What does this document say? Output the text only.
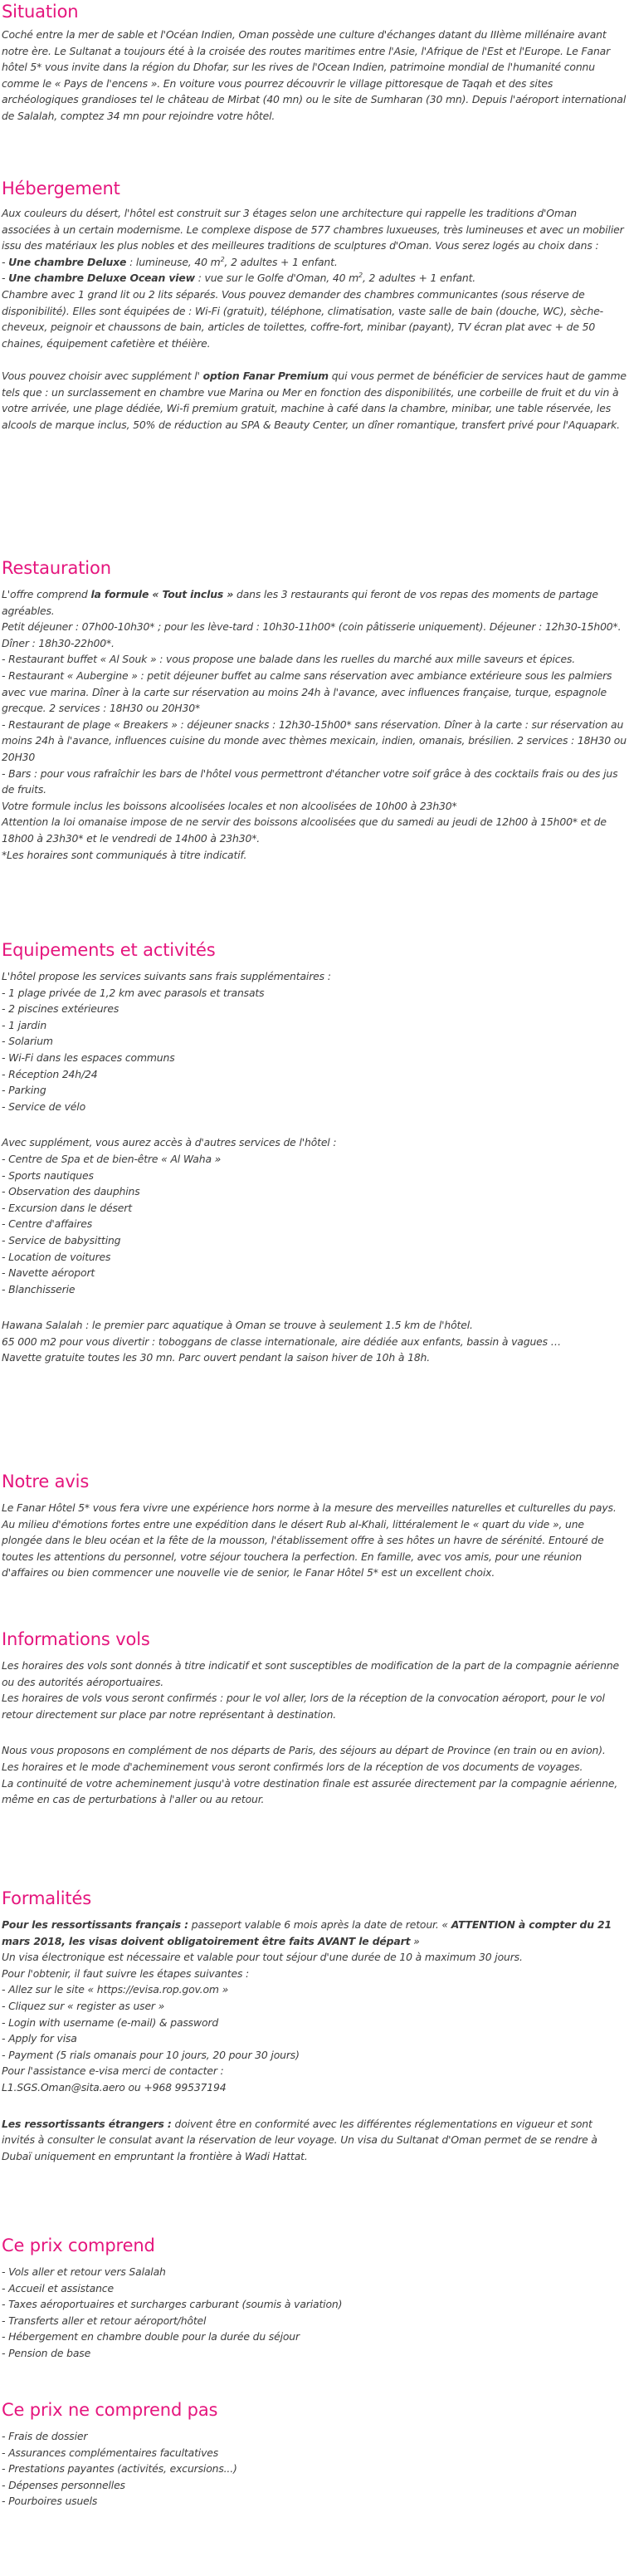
Situation

Coché entre la mer de sable et l'Océan Indien, Oman possède une culture d'échanges datant du IIIème millénaire avant notre ère. Le Sultanat a toujours été à la croisée des routes maritimes entre l'Asie, l'Afrique de l'Est et l'Europe. Le Fanar hôtel 5* vous invite dans la région du Dhofar, sur les rives de l'Ocean Indien, patrimoine mondial de l'humanité connu comme le « Pays de l'encens ». En voiture vous pourrez découvrir le village pittoresque de Taqah et des sites archéologiques grandioses tel le château de Mirbat (40 mn) ou le site de Sumharan (30 mn). Depuis l'aéroport international de Salalah, comptez 34 mn pour rejoindre votre hôtel.

Hébergement

Aux couleurs du désert, l'hôtel est construit sur 3 étages selon une architecture qui rappelle les traditions d'Oman associées à un certain modernisme. Le complexe dispose de 577 chambres luxueuses, très lumineuses et avec un mobilier issu des matériaux les plus nobles et des meilleures traditions de sculptures d'Oman. Vous serez logés au choix dans :

- Une chambre Deluxe : lumineuse, 40 $m^2$, 2 adultes + 1 enfant.

- Une chambre Deluxe Ocean view : vue sur le Golfe d'Oman, 40 $m^2$, 2 adultes + 1 enfant.

Chambre avec 1 grand lit ou 2 lits séparés. Vous pouvez demander des chambres communicantes (sous réserve de disponibilité). Elles sont équipées de : Wi-Fi (gratuit), téléphone, climatisation, vaste salle de bain (douche, WC), sèche-cheveux, peignoir et chaussons de bain, articles de toilettes, coffre-fort, minibar (payant), TV écran plat avec + de 50 chaines, équipement cafetière et théière.

Vous pouvez choisir avec supplément l' option Fanar Premium qui vous permet de bénéficier de services haut de gamme tels que : un surclassement en chambre vue Marina ou Mer en fonction des disponibilités, une corbeille de fruit et du vin à votre arrivée, une plage dédiée, Wi-fi premium gratuit, machine à café dans la chambre, minibar, une table réservée, les alcools de marque inclus, 50% de réduction au SPA & Beauty Center, un dîner romantique, transfert privé pour l'Aquapark.

Restauration

L'offre comprend la formule « Tout inclus » dans les 3 restaurants qui feront de vos repas des moments de partage agréables.

Petit déjeuner : 07h00-10h30* ; pour les lève-tard : 10h30-11h00* (coin pâtisserie uniquement). Déjeuner : 12h30-15h00*. Dîner : 18h30-22h00*.

- Restaurant buffet « Al Souk » : vous propose une balade dans les ruelles du marché aux mille saveurs et épices.

- Restaurant « Aubergine » : petit déjeuner buffet au calme sans réservation avec ambiance extérieure sous les palmiers avec vue marina. Dîner à la carte sur réservation au moins 24h à l'avance, avec influences française, turque, espagnole grecque. 2 services : 18H30 ou 20H30*

- Restaurant de plage « Breakers » : déjeuner snacks : 12h30-15h00* sans réservation. Dîner à la carte : sur réservation au moins 24h à l'avance, influences cuisine du monde avec thèmes mexicain, indien, omanais, brésilien. 2 services : 18H30 ou 20H30

- Bars : pour vous rafraîchir les bars de l'hôtel vous permettront d'étancher votre soif grâce à des cocktails frais ou des jus de fruits.

Votre formule inclus les boissons alcoolisées locales et non alcoolisées de 10h00 à 23h30*

Attention la loi omanaise impose de ne servir des boissons alcoolisées que du samedi au jeudi de 12h00 à 15h00* et de 18h00 à 23h30* et le vendredi de 14h00 à 23h30*.

*Les horaires sont communiqués à titre indicatif.

Equipements et activités

L'hôtel propose les services suivants sans frais supplémentaires :

- 1 plage privée de 1,2 km avec parasols et transats

- 2 piscines extérieures

- 1 jardin

- Solarium

- Wi-Fi dans les espaces communs

- Réception 24h/24

- Parking

- Service de vélo

Avec supplément, vous aurez accès à d'autres services de l'hôtel :

- Centre de Spa et de bien-être « Al Waha »

- Sports nautiques

- Observation des dauphins

- Excursion dans le désert

- Centre d'affaires

- Service de babysitting

- Location de voitures

- Navette aéroport

- Blanchisserie

Hawana Salalah : le premier parc aquatique à Oman se trouve à seulement 1.5 km de l'hôtel.

65 000 m2 pour vous divertir : toboggans de classe internationale, aire dédiée aux enfants, bassin à vagues …

Navette gratuite toutes les 30 mn. Parc ouvert pendant la saison hiver de 10h à 18h.

Notre avis

Le Fanar Hôtel 5* vous fera vivre une expérience hors norme à la mesure des merveilles naturelles et culturelles du pays. Au milieu d'émotions fortes entre une expédition dans le désert Rub al-Khali, littéralement le « quart du vide », une plongée dans le bleu océan et la fête de la mousson, l'établissement offre à ses hôtes un havre de sérénité. Entouré de toutes les attentions du personnel, votre séjour touchera la perfection. En famille, avec vos amis, pour une réunion d'affaires ou bien commencer une nouvelle vie de senior, le Fanar Hôtel 5* est un excellent choix.

Informations vols

Les horaires des vols sont donnés à titre indicatif et sont susceptibles de modification de la part de la compagnie aérienne ou des autorités aéroportuaires.

Les horaires de vols vous seront confirmés : pour le vol aller, lors de la réception de la convocation aéroport, pour le vol retour directement sur place par notre représentant à destination.

Nous vous proposons en complément de nos départs de Paris, des séjours au départ de Province (en train ou en avion).

Les horaires et le mode d'acheminement vous seront confirmés lors de la réception de vos documents de voyages.

La continuité de votre acheminement jusqu'à votre destination finale est assurée directement par la compagnie aérienne, même en cas de perturbations à l'aller ou au retour.

Formalités

Pour les ressortissants français : passeport valable 6 mois après la date de retour. « ATTENTION à compter du 21 mars 2018, les visas doivent obligatoirement être faits AVANT le départ »

Un visa électronique est nécessaire et valable pour tout séjour d'une durée de 10 à maximum 30 jours.

Pour l'obtenir, il faut suivre les étapes suivantes :

- Allez sur le site « https://evisa.rop.gov.om »

- Cliquez sur « register as user »

- Login with username (e-mail) & password

- Apply for visa

- Payment (5 rials omanais pour 10 jours, 20 pour 30 jours)

Pour l'assistance e-visa merci de contacter :

L1.SGS.Oman@sita.aero ou +968 99537194

Les ressortissants étrangers : doivent être en conformité avec les différentes réglementations en vigueur et sont invités à consulter le consulat avant la réservation de leur voyage. Un visa du Sultanat d'Oman permet de se rendre à Dubaï uniquement en empruntant la frontière à Wadi Hattat.

Ce prix comprend

- Vols aller et retour vers Salalah

- Accueil et assistance

- Taxes aéroportuaires et surcharges carburant (soumis à variation)

- Transferts aller et retour aéroport/hôtel

- Hébergement en chambre double pour la durée du séjour

- Pension de base

Ce prix ne comprend pas

- Frais de dossier

- Assurances complémentaires facultatives

- Prestations payantes (activités, excursions...)

- Dépenses personnelles

- Pourboires usuels
